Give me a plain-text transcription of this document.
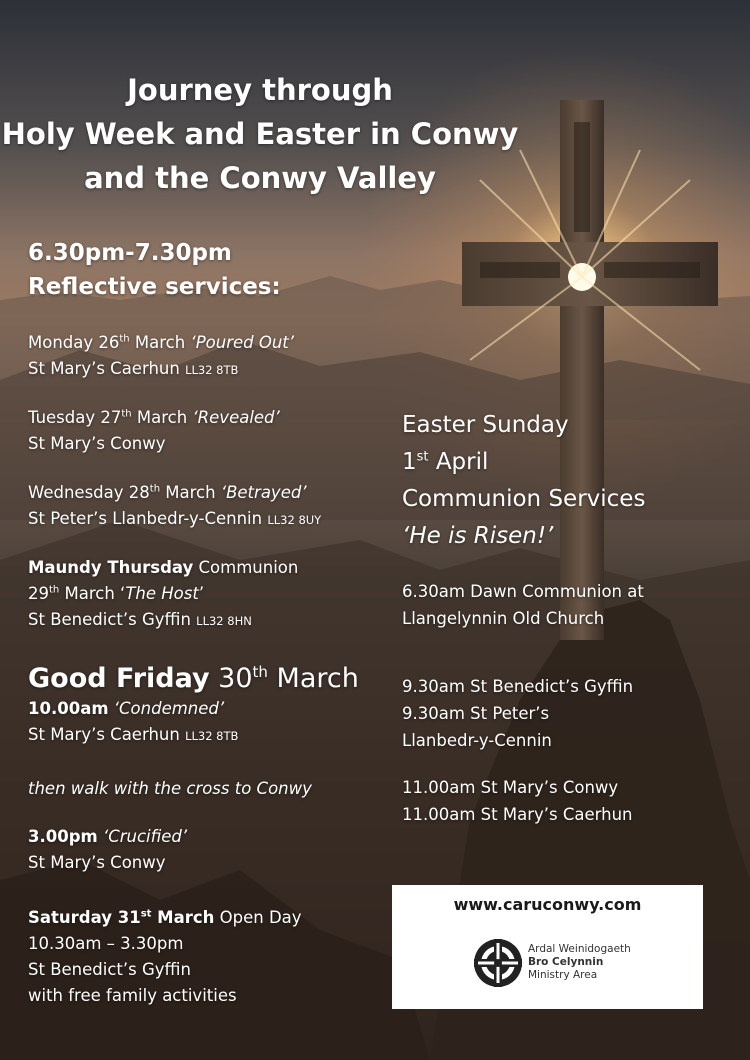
Journey through
Holy Week and Easter in Conwy
and the Conwy Valley
6.30pm-7.30pm
Reflective services:
Monday 26th March ‘Poured Out’
St Mary’s Caerhun LL32 8TB
Tuesday 27th March ‘Revealed’
St Mary’s Conwy
Wednesday 28th March ‘Betrayed’
St Peter’s Llanbedr-y-Cennin LL32 8UY
Maundy Thursday Communion
29th March ‘The Host’
St Benedict’s Gyffin LL32 8HN
Good Friday 30th March
10.00am ‘Condemned’
St Mary’s Caerhun LL32 8TB
then walk with the cross to Conwy
3.00pm ‘Crucified’
St Mary’s Conwy
Saturday 31st March Open Day
10.30am – 3.30pm
St Benedict’s Gyffin
with free family activities
Easter Sunday
1st April
Communion Services
‘He is Risen!’
6.30am Dawn Communion at
Llangelynnin Old Church
9.30am St Benedict’s Gyffin
9.30am St Peter’s
Llanbedr-y-Cennin
11.00am St Mary’s Conwy
11.00am St Mary’s Caerhun
www.caruconwy.com
Ardal Weinidogaeth
Bro Celynnin
Ministry Area
